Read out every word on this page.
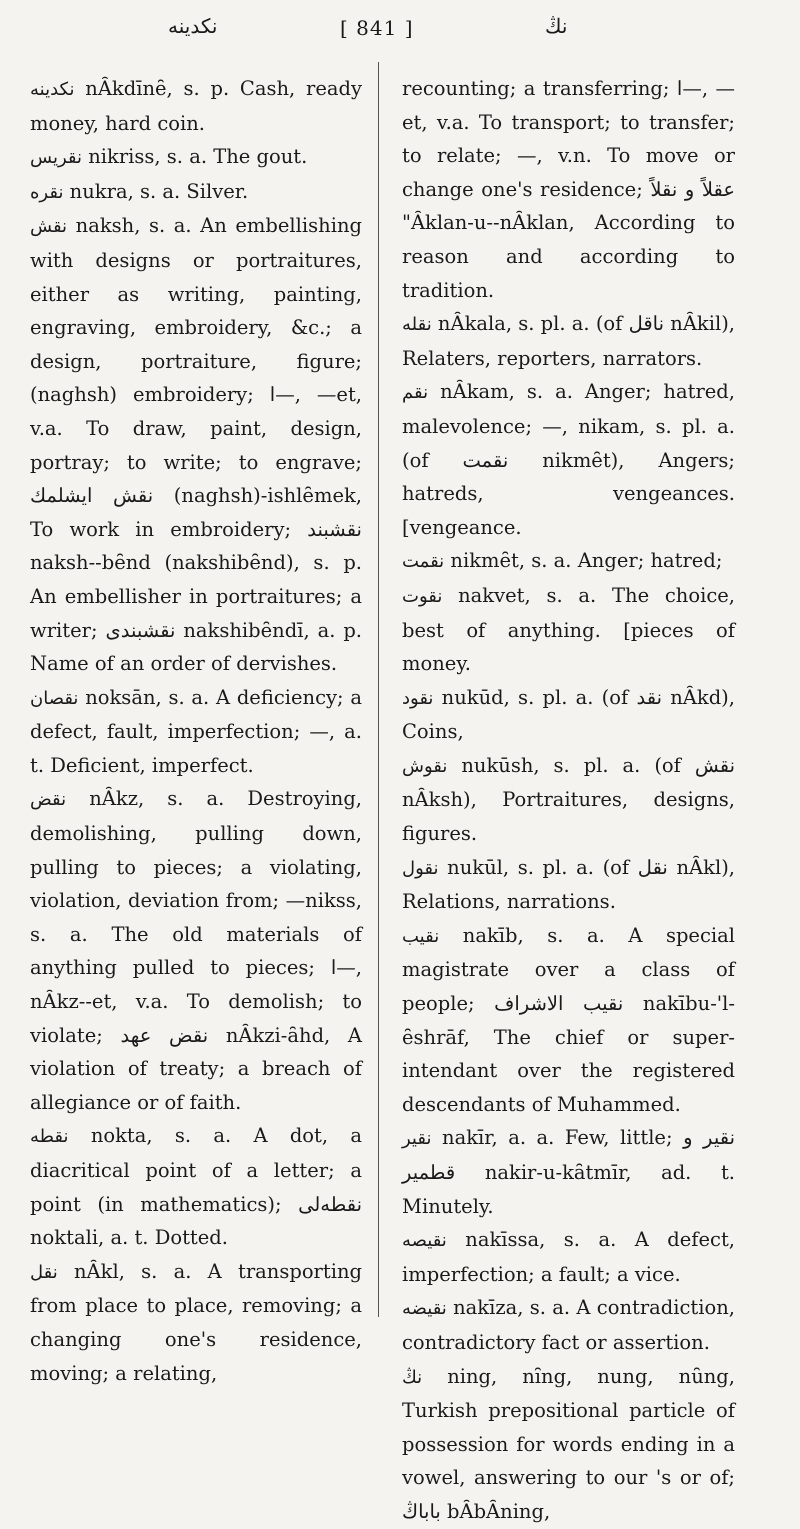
نکدینه	[ 841 ]	نڭ

نکدینه nȂkdīnȇ, s. p. Cash, ready money, hard coin.

نقریس nikriss, s. a. The gout.

نقره nukra, s. a. Silver.

نقش naksh, s. a. An embellishing with designs or portraitures, either as writing, painting, engraving, embroidery, &c.; a design, portraiture, figure; (naghsh) embroidery; ا—, —et, v.a. To draw, paint, design, portray; to write; to engrave; نقش ایشلمك (naghsh)-ishlȇmek, To work in embroidery; نقشبند naksh--bȇnd (nakshibȇnd), s. p. An embellisher in portraitures; a writer; نقشبندی nakshibȇndī, a. p. Name of an order of dervishes.

نقصان noksān, s. a. A deficiency; a defect, fault, imperfection; —, a. t. Deficient, imperfect.

نقض nȂkz, s. a. Destroying, demolishing, pulling down, pulling to pieces; a violating, violation, deviation from; —nikss, s. a. The old materials of anything pulled to pieces; ا—, nȂkz--et, v.a. To demolish; to violate; نقض عهد nȂkzi-ȃhd, A violation of treaty; a breach of allegiance or of faith.

نقطه nokta, s. a. A dot, a diacritical point of a letter; a point (in mathematics); نقطه‌لی noktali, a. t. Dotted.

نقل nȂkl, s. a. A transporting from place to place, removing; a changing one's residence, moving; a relating,

recounting; a transferring; ا—, —et, v.a. To transport; to transfer; to relate; —, v.n. To move or change one's residence; عقلاً و نقلاً "Ȃklan-u--nȂklan, According to reason and according to tradition.

نقله nȂkala, s. pl. a. (of ناقل nȂkil), Relaters, reporters, narrators.

نقم nȂkam, s. a. Anger; hatred, malevolence; —, nikam, s. pl. a. (of نقمت nikmȇt), Angers; hatreds, vengeances. [vengeance.

نقمت nikmȇt, s. a. Anger; hatred;

نقوت nakvet, s. a. The choice, best of anything. [pieces of money.

نقود nukūd, s. pl. a. (of نقد nȂkd), Coins,

نقوش nukūsh, s. pl. a. (of نقش nȂksh), Portraitures, designs, figures.

نقول nukūl, s. pl. a. (of نقل nȂkl), Relations, narrations.

نقیب nakīb, s. a. A special magistrate over a class of people; نقیب الاشراف nakību-'l-ȇshrāf, The chief or super-intendant over the registered descendants of Muhammed.

نقیر nakīr, a. a. Few, little; نقیر و قطمیر nakir-u-kȃtmīr, ad. t. Minutely.

نقیصه nakīssa, s. a. A defect, imperfection; a fault; a vice.

نقیضه nakīza, s. a. A contradiction, contradictory fact or assertion.

نڭ ning, nȋng, nung, nȗng, Turkish prepositional particle of possession for words ending in a vowel, answering to our 's or of; باباڭ bȂbȂning,
